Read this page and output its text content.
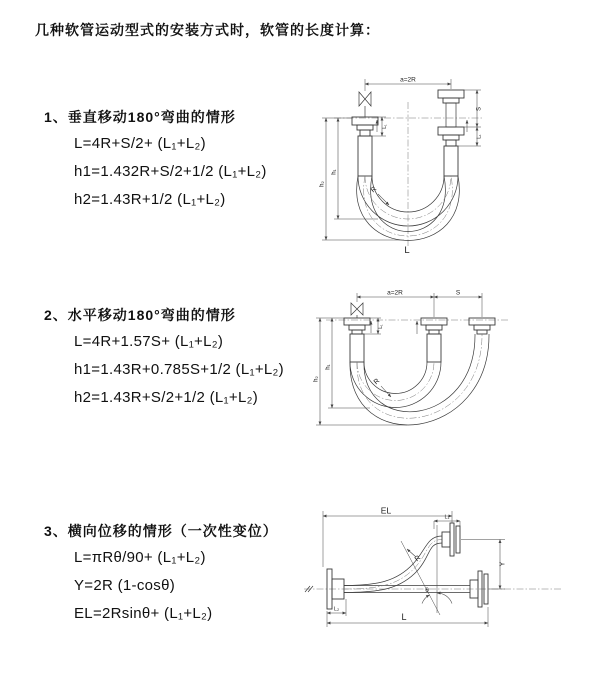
几种软管运动型式的安装方式时，软管的长度计算：
1、垂直移动180°弯曲的情形
L=4R+S/2+ (L₁+L₂)
h1=1.432R+S/2+1/2 (L₁+L₂)
h2=1.43R+1/2 (L₁+L₂)
2、水平移动180°弯曲的情形
L=4R+1.57S+ (L₁+L₂)
h1=1.43R+0.785S+1/2 (L₁+L₂)
h2=1.43R+S/2+1/2 (L₁+L₂)
3、横向位移的情形（一次性变位）
L=πRθ/90+ (L₁+L₂)
Y=2R (1-cosθ)
EL=2Rsinθ+ (L₁+L₂)
a=2R
h₁
h₂
L₁
S
L₁
R
L
a=2R	S
h₁
h₂
L₁
R
EL
L₁
Y
θ
R
L₂
L
